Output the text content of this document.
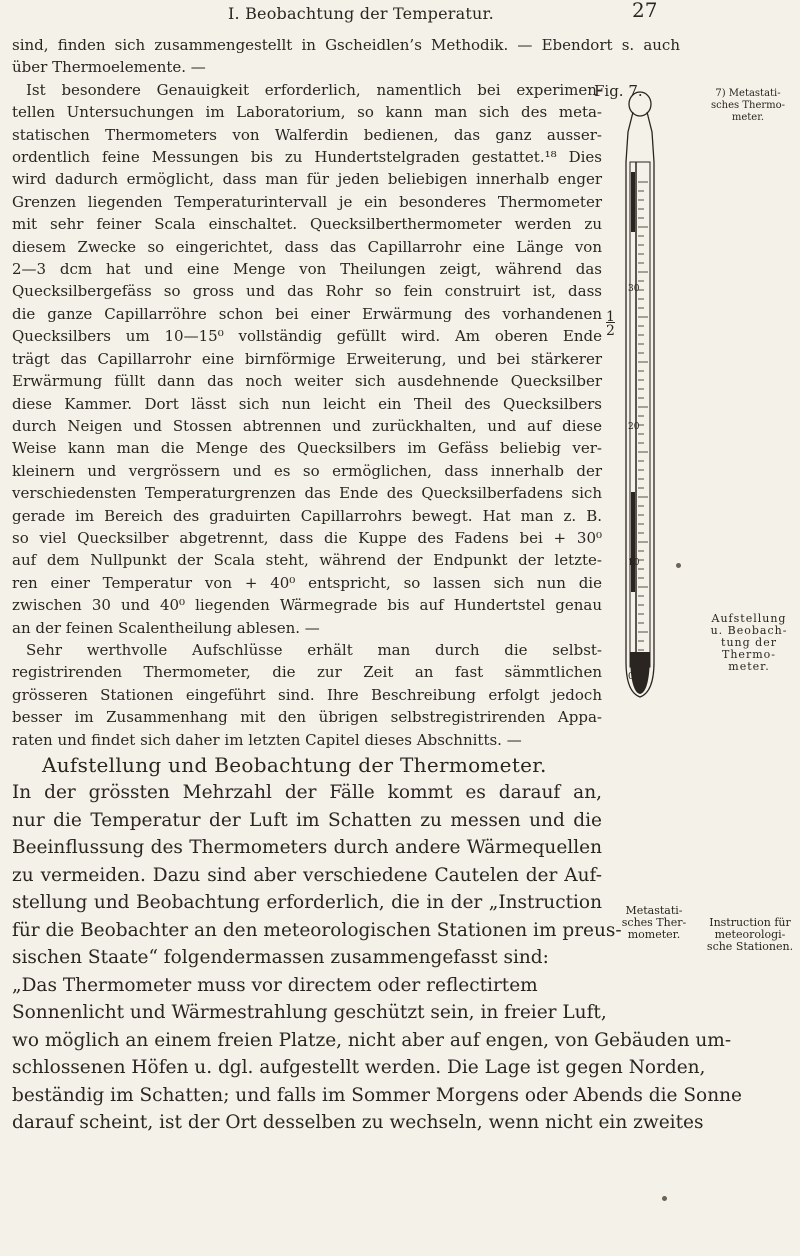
I. Beobachtung der Temperatur.	27
Fig. 7.	7) Metastati-
sches Thermo-
meter.
30
20
10
0
1
2
Aufstellung
u. Beobach-
tung der
Thermo-
meter.
Metastati-
sches Ther-
mometer.
Instruction für
meteorologi-
sche Stationen.
sind, finden sich zusammengestellt in Gscheidlen’s Methodik. — Ebendort s. auch
über Thermoelemente. —
Ist besondere Genauigkeit erforderlich, namentlich bei experimen-
tellen Untersuchungen im Laboratorium, so kann man sich des meta-
statischen Thermometers von Walferdin bedienen, das ganz ausser-
ordentlich feine Messungen bis zu Hundertstelgraden gestattet.¹⁸ Dies
wird dadurch ermöglicht, dass man für jeden beliebigen innerhalb enger
Grenzen liegenden Temperaturintervall je ein besonderes Thermometer
mit sehr feiner Scala einschaltet. Quecksilberthermometer werden zu
diesem Zwecke so eingerichtet, dass das Capillarrohr eine Länge von
2—3 dcm hat und eine Menge von Theilungen zeigt, während das
Quecksilbergefäss so gross und das Rohr so fein construirt ist, dass
die ganze Capillarröhre schon bei einer Erwärmung des vorhandenen
Quecksilbers um 10—15⁰ vollständig gefüllt wird. Am oberen Ende
trägt das Capillarrohr eine birnförmige Erweiterung, und bei stärkerer
Erwärmung füllt dann das noch weiter sich ausdehnende Quecksilber
diese Kammer. Dort lässt sich nun leicht ein Theil des Quecksilbers
durch Neigen und Stossen abtrennen und zurückhalten, und auf diese
Weise kann man die Menge des Quecksilbers im Gefäss beliebig ver-
kleinern und vergrössern und es so ermöglichen, dass innerhalb der
verschiedensten Temperaturgrenzen das Ende des Quecksilberfadens sich
gerade im Bereich des graduirten Capillarrohrs bewegt. Hat man z. B.
so viel Quecksilber abgetrennt, dass die Kuppe des Fadens bei + 30⁰
auf dem Nullpunkt der Scala steht, während der Endpunkt der letzte-
ren einer Temperatur von + 40⁰ entspricht, so lassen sich nun die
zwischen 30 und 40⁰ liegenden Wärmegrade bis auf Hundertstel genau
an der feinen Scalentheilung ablesen. —
Sehr werthvolle Aufschlüsse erhält man durch die selbst-
registrirenden Thermometer, die zur Zeit an fast sämmtlichen
grösseren Stationen eingeführt sind. Ihre Beschreibung erfolgt jedoch
besser im Zusammenhang mit den übrigen selbstregistrirenden Appa-
raten und findet sich daher im letzten Capitel dieses Abschnitts. —
Aufstellung und Beobachtung der Thermometer.
In der grössten Mehrzahl der Fälle kommt es darauf an,
nur die Temperatur der Luft im Schatten zu messen und die
Beeinflussung des Thermometers durch andere Wärmequellen
zu vermeiden. Dazu sind aber verschiedene Cautelen der Auf-
stellung und Beobachtung erforderlich, die in der „Instruction
für die Beobachter an den meteorologischen Stationen im preus-
sischen Staate“ folgendermassen zusammengefasst sind:
„Das Thermometer muss vor directem oder reflectirtem
Sonnenlicht und Wärmestrahlung geschützt sein, in freier Luft,
wo möglich an einem freien Platze, nicht aber auf engen, von Gebäuden um-
schlossenen Höfen u. dgl. aufgestellt werden. Die Lage ist gegen Norden,
beständig im Schatten; und falls im Sommer Morgens oder Abends die Sonne
darauf scheint, ist der Ort desselben zu wechseln, wenn nicht ein zweites
